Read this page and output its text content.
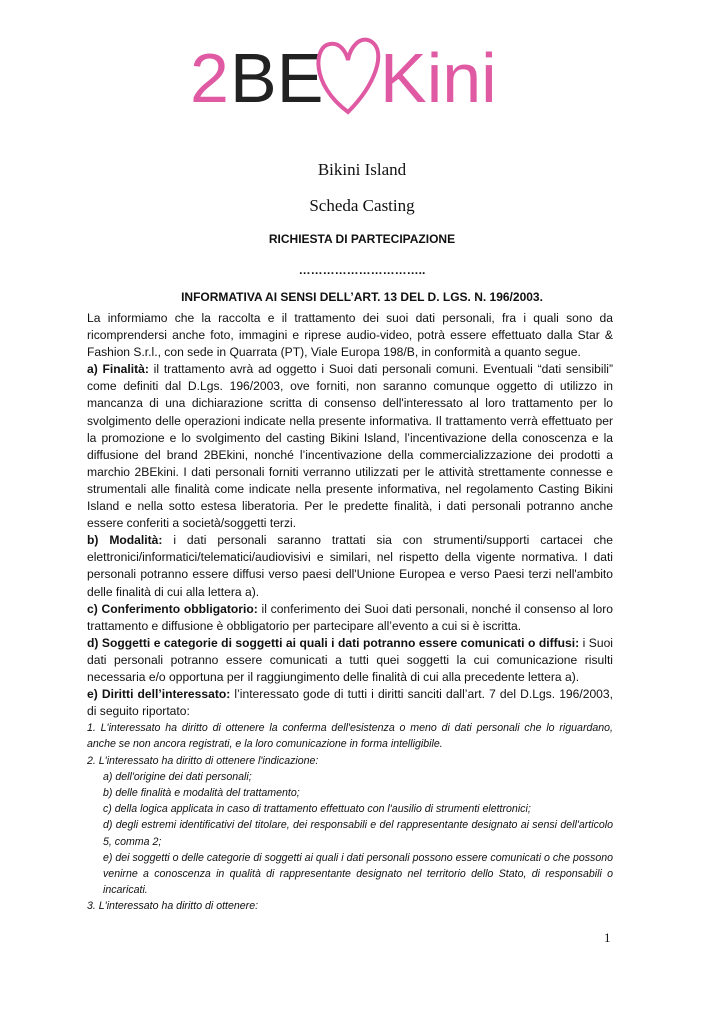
2 BE Kini
Bikini Island
Scheda Casting
RICHIESTA DI PARTECIPAZIONE
…………………………..
INFORMATIVA AI SENSI DELL’ART. 13 DEL D. LGS. N. 196/2003.

La informiamo che la raccolta e il trattamento dei suoi dati personali, fra i quali sono da ricomprendersi anche foto, immagini e riprese audio-video, potrà essere effettuato dalla Star & Fashion S.r.l., con sede in Quarrata (PT), Viale Europa 198/B, in conformità a quanto segue.

a) Finalità: il trattamento avrà ad oggetto i Suoi dati personali comuni. Eventuali “dati sensibili” come definiti dal D.Lgs. 196/2003, ove forniti, non saranno comunque oggetto di utilizzo in mancanza di una dichiarazione scritta di consenso dell'interessato al loro trattamento per lo svolgimento delle operazioni indicate nella presente informativa. Il trattamento verrà effettuato per la promozione e lo svolgimento del casting Bikini Island, l’incentivazione della conoscenza e la diffusione del brand 2BEkini, nonché l’incentivazione della commercializzazione dei prodotti a marchio 2BEkini. I dati personali forniti verranno utilizzati per le attività strettamente connesse e strumentali alle finalità come indicate nella presente informativa, nel regolamento Casting Bikini Island e nella sotto estesa liberatoria. Per le predette finalità, i dati personali potranno anche essere conferiti a società/soggetti terzi.

b) Modalità: i dati personali saranno trattati sia con strumenti/supporti cartacei che elettronici/informatici/telematici/audiovisivi e similari, nel rispetto della vigente normativa. I dati personali potranno essere diffusi verso paesi dell'Unione Europea e verso Paesi terzi nell'ambito delle finalità di cui alla lettera a).

c) Conferimento obbligatorio: il conferimento dei Suoi dati personali, nonché il consenso al loro trattamento e diffusione è obbligatorio per partecipare all’evento a cui si è iscritta.

d) Soggetti e categorie di soggetti ai quali i dati potranno essere comunicati o diffusi: i Suoi dati personali potranno essere comunicati a tutti quei soggetti la cui comunicazione risulti necessaria e/o opportuna per il raggiungimento delle finalità di cui alla precedente lettera a).

e) Diritti dell’interessato: l’interessato gode di tutti i diritti sanciti dall’art. 7 del D.Lgs. 196/2003, di seguito riportato:

1. L'interessato ha diritto di ottenere la conferma dell'esistenza o meno di dati personali che lo riguardano, anche se non ancora registrati, e la loro comunicazione in forma intelligibile.

2. L'interessato ha diritto di ottenere l'indicazione:

a) dell'origine dei dati personali;

b) delle finalità e modalità del trattamento;

c) della logica applicata in caso di trattamento effettuato con l'ausilio di strumenti elettronici;

d) degli estremi identificativi del titolare, dei responsabili e del rappresentante designato ai sensi dell'articolo 5, comma 2;

e) dei soggetti o delle categorie di soggetti ai quali i dati personali possono essere comunicati o che possono venirne a conoscenza in qualità di rappresentante designato nel territorio dello Stato, di responsabili o incaricati.

3. L'interessato ha diritto di ottenere:

1
